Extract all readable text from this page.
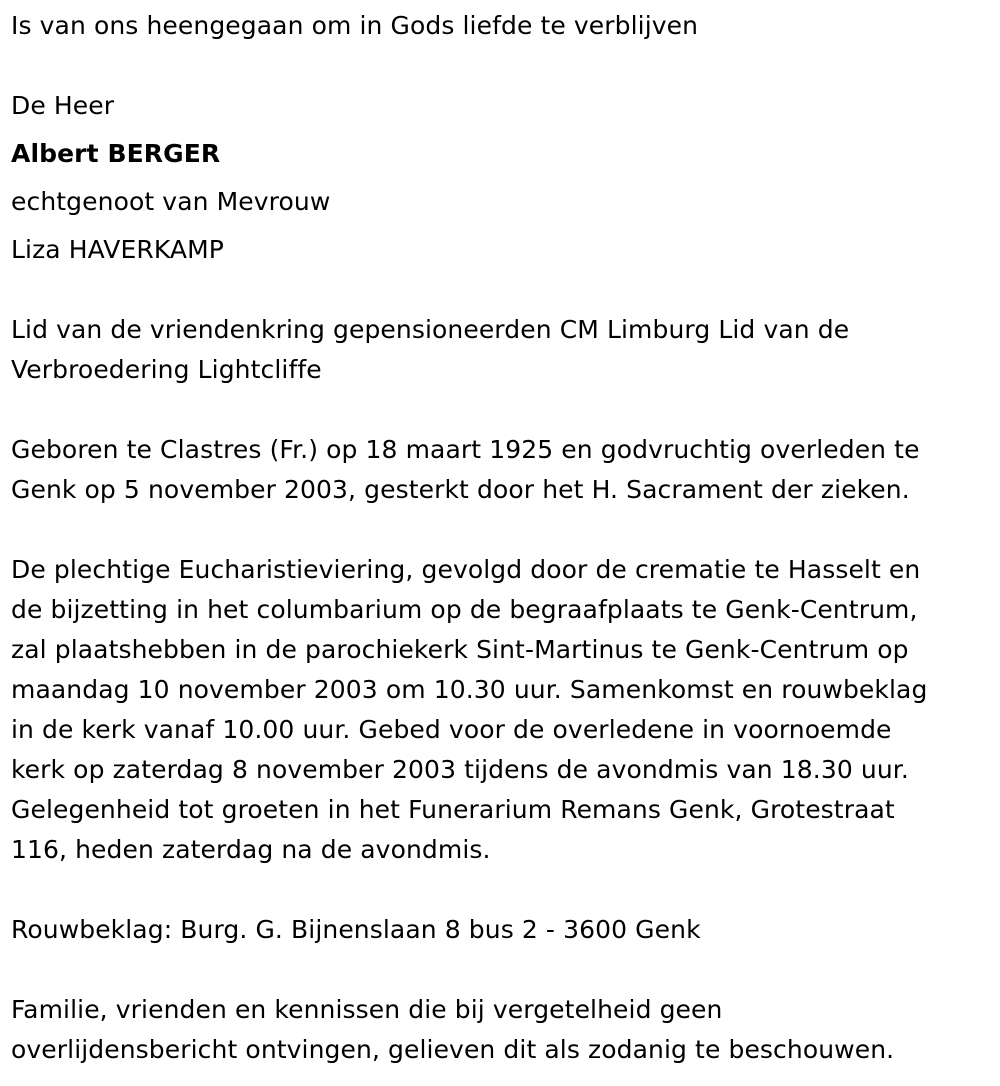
Is van ons heengegaan om in Gods liefde te verblijven
De Heer
Albert BERGER
echtgenoot van Mevrouw
Liza HAVERKAMP
Lid van de vriendenkring gepensioneerden CM Limburg Lid van de
Verbroedering Lightcliffe
Geboren te Clastres (Fr.) op 18 maart 1925 en godvruchtig overleden te
Genk op 5 november 2003, gesterkt door het H. Sacrament der zieken.
De plechtige Eucharistieviering, gevolgd door de crematie te Hasselt en
de bijzetting in het columbarium op de begraafplaats te Genk-Centrum,
zal plaatshebben in de parochiekerk Sint-Martinus te Genk-Centrum op
maandag 10 november 2003 om 10.30 uur. Samenkomst en rouwbeklag
in de kerk vanaf 10.00 uur. Gebed voor de overledene in voornoemde
kerk op zaterdag 8 november 2003 tijdens de avondmis van 18.30 uur.
Gelegenheid tot groeten in het Funerarium Remans Genk, Grotestraat
116, heden zaterdag na de avondmis.
Rouwbeklag: Burg. G. Bijnenslaan 8 bus 2 - 3600 Genk
Familie, vrienden en kennissen die bij vergetelheid geen
overlijdensbericht ontvingen, gelieven dit als zodanig te beschouwen.
